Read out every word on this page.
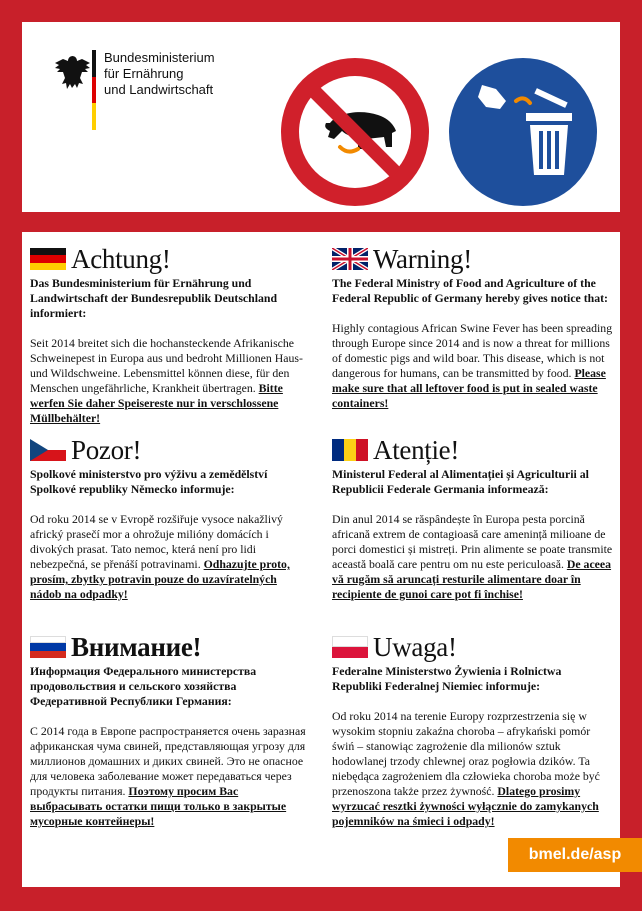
Bundesministerium
für Ernährung
und Landwirtschaft
Achtung!
Das Bundesministerium für Ernährung und Landwirtschaft der Bundesrepublik Deutschland informiert:
Seit 2014 breitet sich die hochansteckende Afrikanische Schweinepest in Europa aus und bedroht Millionen Haus- und Wildschweine. Lebensmittel können diese, für den Menschen ungefährliche, Krankheit übertragen. Bitte werfen Sie daher Speisereste nur in verschlossene Müllbehälter!
Warning!
The Federal Ministry of Food and Agriculture of the Federal Republic of Germany hereby gives notice that:
Highly contagious African Swine Fever has been spreading through Europe since 2014 and is now a threat for millions of domestic pigs and wild boar. This disease, which is not dangerous for humans, can be transmitted by food. Please make sure that all leftover food is put in sealed waste containers!
Pozor!
Spolkové ministerstvo pro výživu a zemědělství Spolkové republiky Německo informuje:
Od roku 2014 se v Evropě rozšiřuje vysoce nakažlivý africký prasečí mor a ohrožuje milióny domácích i divokých prasat. Tato nemoc, která není pro lidi nebezpečná, se přenáší potravinami. Odhazujte proto, prosím, zbytky potravin pouze do uzavíratelných nádob na odpadky!
Atenție!
Ministerul Federal al Alimentației și Agriculturii al Republicii Federale Germania informează:
Din anul 2014 se răspândește în Europa pesta porcină africană extrem de contagioasă care amenință milioane de porci domestici și mistreți. Prin alimente se poate transmite această boală care pentru om nu este periculoasă. De aceea vă rugăm să aruncați resturile alimentare doar în recipiente de gunoi care pot fi închise!
Внимание!
Информация Федерального министерства продовольствия и сельского хозяйства Федеративной Республики Германия:
С 2014 года в Европе распространяется очень заразная африканская чума свиней, представляющая угрозу для миллионов домашних и диких свиней. Это не опасное для человека заболевание может передаваться через продукты питания. Поэтому просим Вас выбрасывать остатки пищи только в закрытые мусорные контейнеры!
Uwaga!
Federalne Ministerstwo Żywienia i Rolnictwa Republiki Federalnej Niemiec informuje:
Od roku 2014 na terenie Europy rozprzestrzenia się w wysokim stopniu zakaźna choroba – afrykański pomór świń – stanowiąc zagrożenie dla milionów sztuk hodowlanej trzody chlewnej oraz pogłowia dzików. Ta niebędąca zagrożeniem dla człowieka choroba może być przenoszona także przez żywność. Dlatego prosimy wyrzucać resztki żywności wyłącznie do zamykanych pojemników na śmieci i odpady!
bmel.de/asp
